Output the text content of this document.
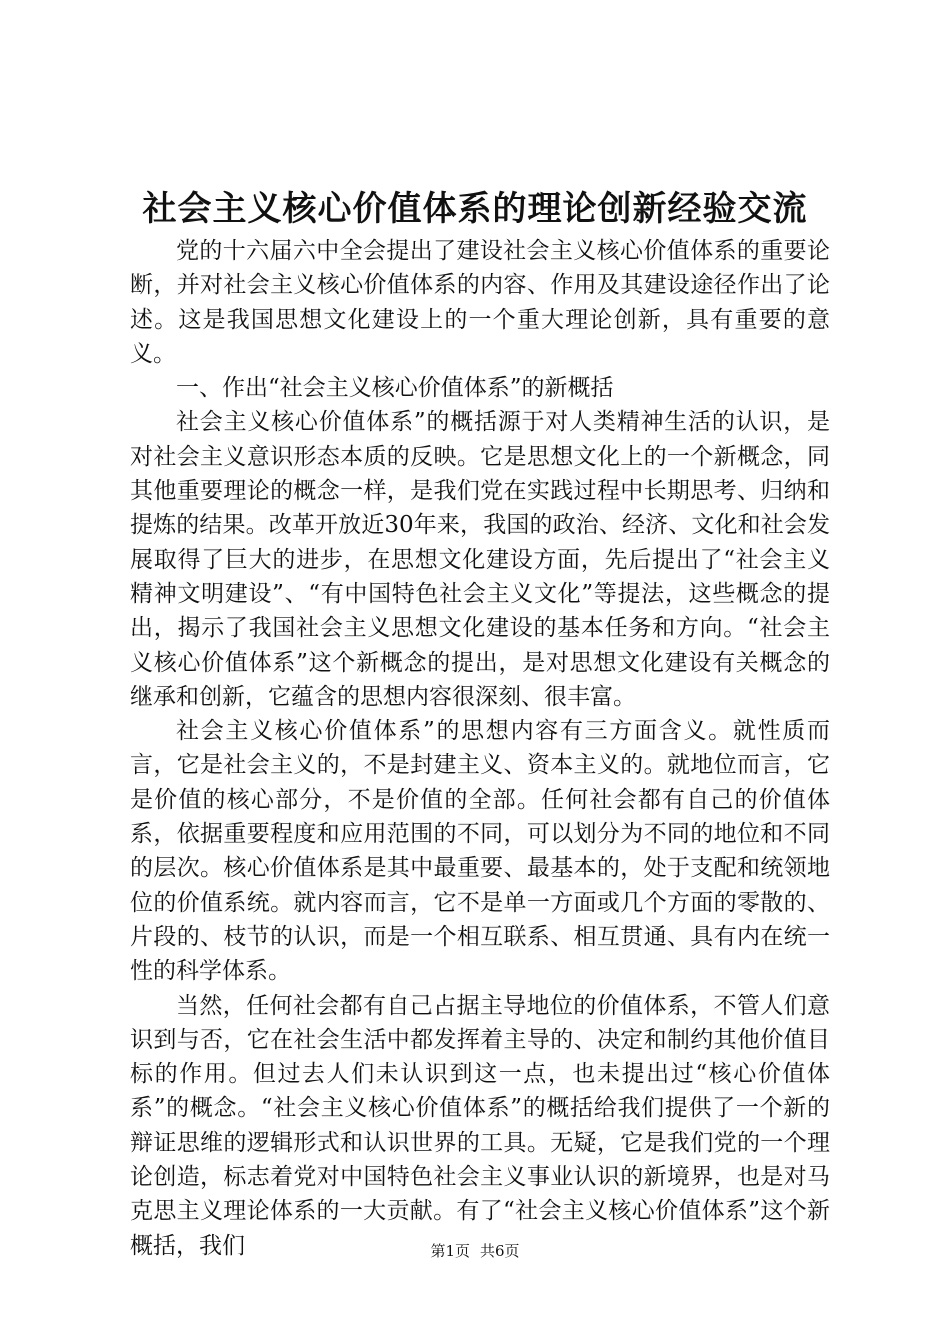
社会主义核心价值体系的理论创新经验交流

党的十六届六中全会提出了建设社会主义核心价值体系的重要论断，并对社会主义核心价值体系的内容、作用及其建设途径作出了论述。这是我国思想文化建设上的一个重大理论创新，具有重要的意义。

一、作出“社会主义核心价值体系”的新概括

社会主义核心价值体系”的概括源于对人类精神生活的认识，是对社会主义意识形态本质的反映。它是思想文化上的一个新概念，同其他重要理论的概念一样，是我们党在实践过程中长期思考、归纳和提炼的结果。改革开放近30年来，我国的政治、经济、文化和社会发展取得了巨大的进步，在思想文化建设方面，先后提出了“社会主义精神文明建设”、“有中国特色社会主义文化”等提法，这些概念的提出，揭示了我国社会主义思想文化建设的基本任务和方向。“社会主义核心价值体系”这个新概念的提出，是对思想文化建设有关概念的继承和创新，它蕴含的思想内容很深刻、很丰富。

社会主义核心价值体系”的思想内容有三方面含义。就性质而言，它是社会主义的，不是封建主义、资本主义的。就地位而言，它是价值的核心部分，不是价值的全部。任何社会都有自己的价值体系，依据重要程度和应用范围的不同，可以划分为不同的地位和不同的层次。核心价值体系是其中最重要、最基本的，处于支配和统领地位的价值系统。就内容而言，它不是单一方面或几个方面的零散的、片段的、枝节的认识，而是一个相互联系、相互贯通、具有内在统一性的科学体系。

当然，任何社会都有自己占据主导地位的价值体系，不管人们意识到与否，它在社会生活中都发挥着主导的、决定和制约其他价值目标的作用。但过去人们未认识到这一点，也未提出过“核心价值体系”的概念。“社会主义核心价值体系”的概括给我们提供了一个新的辩证思维的逻辑形式和认识世界的工具。无疑，它是我们党的一个理论创造，标志着党对中国特色社会主义事业认识的新境界，也是对马克思主义理论体系的一大贡献。有了“社会主义核心价值体系”这个新概括，我们	第1页 共6页
